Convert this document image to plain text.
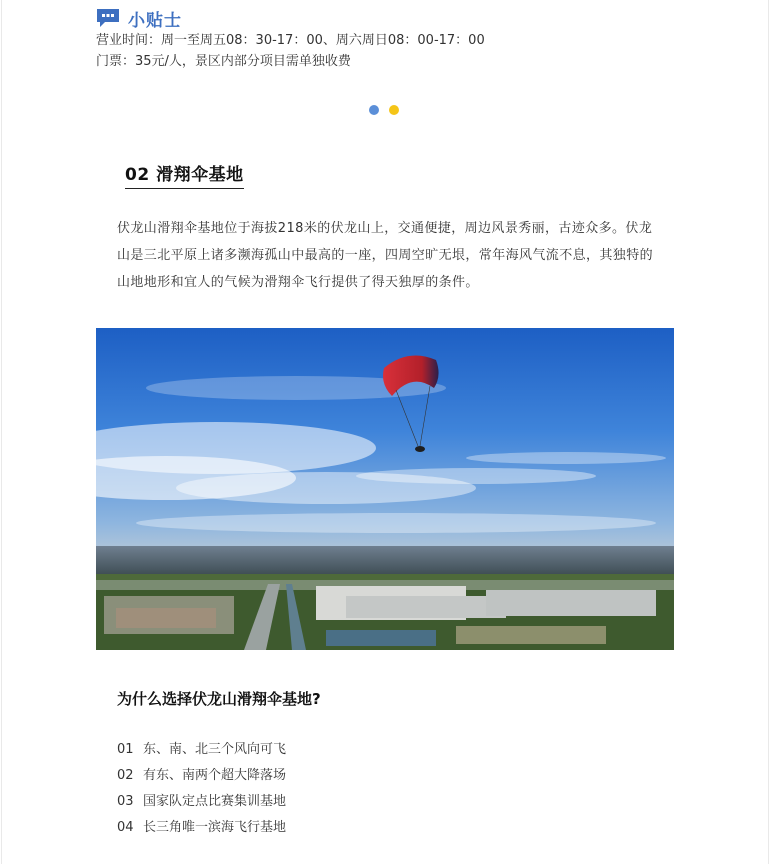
小贴士
营业时间：周一至周五08：30-17：00、周六周日08：00-17：00
门票：35元/人，景区内部分项目需单独收费
02 滑翔伞基地

伏龙山滑翔伞基地位于海拔218米的伏龙山上，交通便捷，周边风景秀丽，古迹众多。伏龙山是三北平原上诸多濒海孤山中最高的一座，四周空旷无垠，常年海风气流不息，其独特的山地地形和宜人的气候为滑翔伞飞行提供了得天独厚的条件。

为什么选择伏龙山滑翔伞基地?
01 东、南、北三个风向可飞
02 有东、南两个超大降落场
03 国家队定点比赛集训基地
04 长三角唯一滨海飞行基地
